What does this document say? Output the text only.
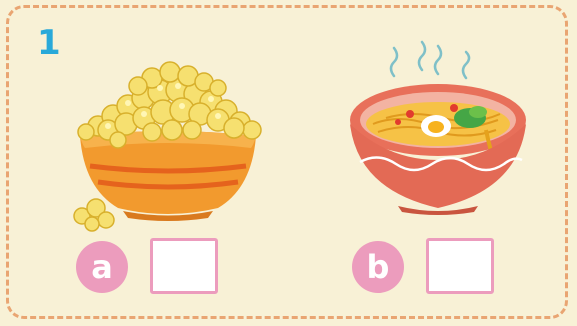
1
a	b
